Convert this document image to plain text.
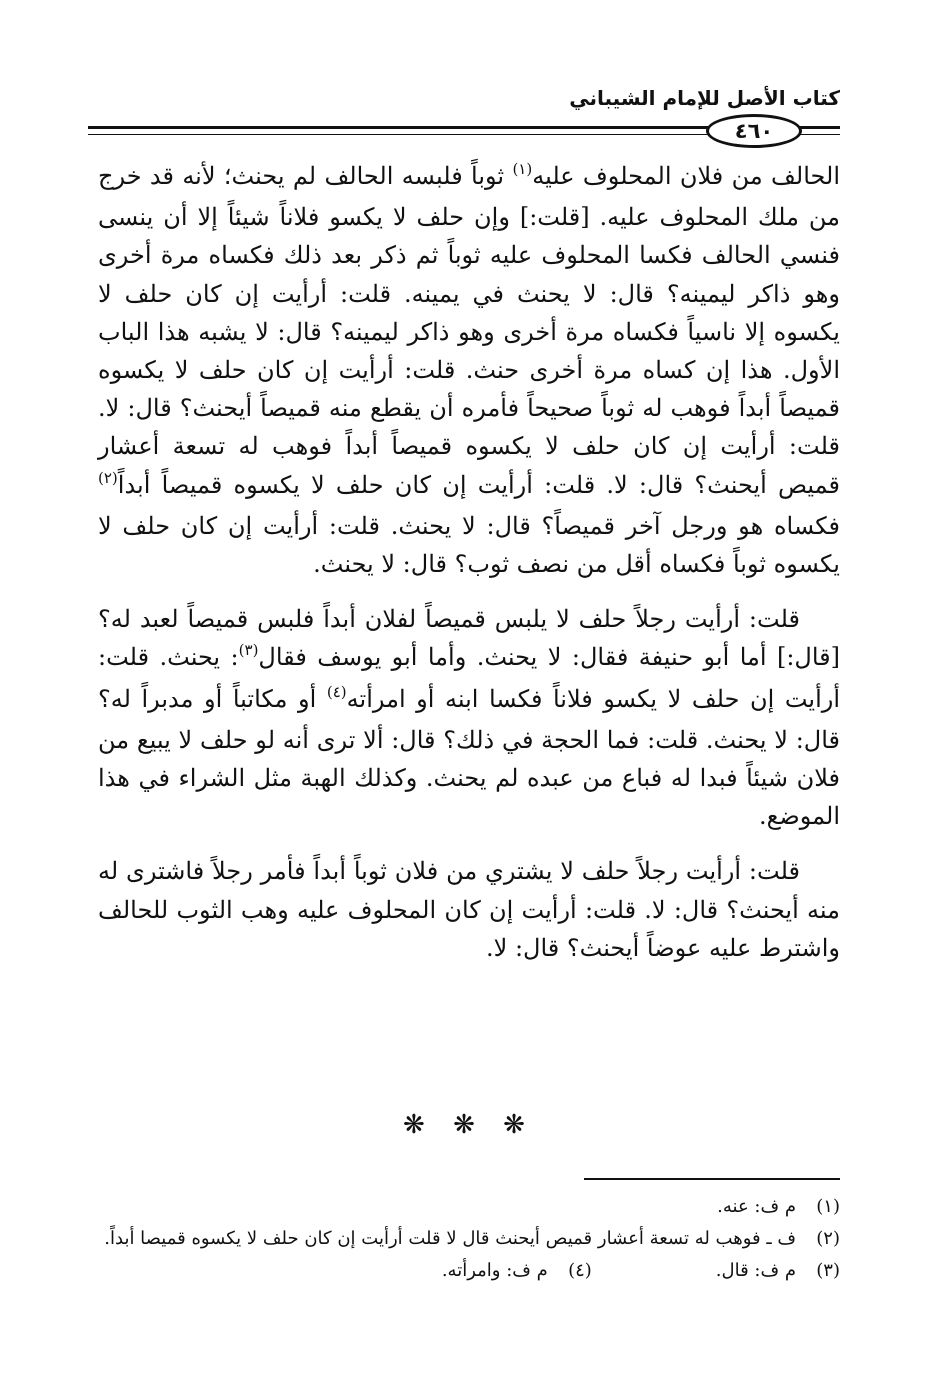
كتاب الأصل للإمام الشيباني
٤٦٠

الحالف من فلان المحلوف عليه$^{(١)}$ ثوباً فلبسه الحالف لم يحنث؛ لأنه قد خرج من ملك المحلوف عليه. [قلت:] وإن حلف لا يكسو فلاناً شيئاً إلا أن ينسى فنسي الحالف فكسا المحلوف عليه ثوباً ثم ذكر بعد ذلك فكساه مرة أخرى وهو ذاكر ليمينه؟ قال: لا يحنث في يمينه. قلت: أرأيت إن كان حلف لا يكسوه إلا ناسياً فكساه مرة أخرى وهو ذاكر ليمينه؟ قال: لا يشبه هذا الباب الأول. هذا إن كساه مرة أخرى حنث. قلت: أرأيت إن كان حلف لا يكسوه قميصاً أبداً فوهب له ثوباً صحيحاً فأمره أن يقطع منه قميصاً أيحنث؟ قال: لا. قلت: أرأيت إن كان حلف لا يكسوه قميصاً أبداً فوهب له تسعة أعشار قميص أيحنث؟ قال: لا. قلت: أرأيت إن كان حلف لا يكسوه قميصاً أبداً$^{(٢)}$ فكساه هو ورجل آخر قميصاً؟ قال: لا يحنث. قلت: أرأيت إن كان حلف لا يكسوه ثوباً فكساه أقل من نصف ثوب؟ قال: لا يحنث.

قلت: أرأيت رجلاً حلف لا يلبس قميصاً لفلان أبداً فلبس قميصاً لعبد له؟ [قال:] أما أبو حنيفة فقال: لا يحنث. وأما أبو يوسف فقال$^{(٣)}$: يحنث. قلت: أرأيت إن حلف لا يكسو فلاناً فكسا ابنه أو امرأته$^{(٤)}$ أو مكاتباً أو مدبراً له؟ قال: لا يحنث. قلت: فما الحجة في ذلك؟ قال: ألا ترى أنه لو حلف لا يبيع من فلان شيئاً فبدا له فباع من عبده لم يحنث. وكذلك الهبة مثل الشراء في هذا الموضع.

قلت: أرأيت رجلاً حلف لا يشتري من فلان ثوباً أبداً فأمر رجلاً فاشترى له منه أيحنث؟ قال: لا. قلت: أرأيت إن كان المحلوف عليه وهب الثوب للحالف واشترط عليه عوضاً أيحنث؟ قال: لا.

❋ ❋ ❋
(١)
م ف: عنه.
(٢)
ف ـ فوهب له تسعة أعشار قميص أيحنث قال لا قلت أرأيت إن كان حلف لا يكسوه قميصا أبداً.
(٣)
م ف: قال.
(٤)
م ف: وامرأته.
